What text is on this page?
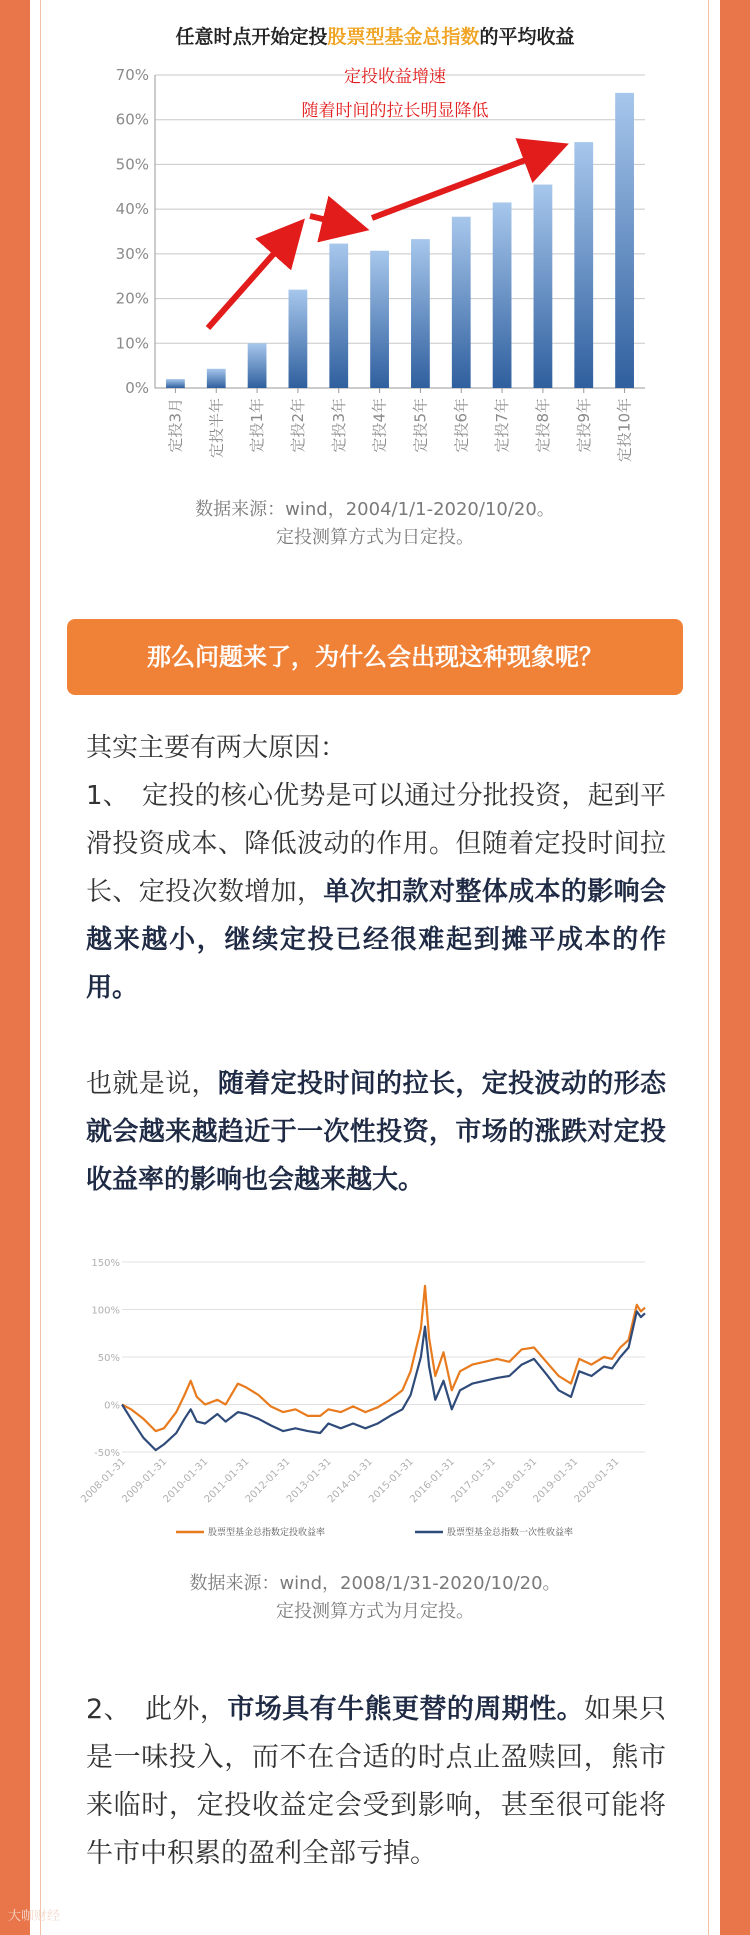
任意时点开始定投股票型基金总指数的平均收益
定投3月 定投半年 定投1年 定投2年 定投3年 定投4年 定投5年 定投6年 定投7年 定投8年 定投9年 定投10年
0%
10%
20%
30%
40%
50%
60%
70%	定投收益增速
随着时间的拉长明显降低
数据来源：wind，2004/1/1-2020/10/20。
定投测算方式为日定投。
那么问题来了，为什么会出现这种现象呢？
其实主要有两大原因：
1、　定投的核心优势是可以通过分批投资，起到平滑投资成本、降低波动的作用。但随着定投时间拉长、定投次数增加，单次扣款对整体成本的影响会越来越小，继续定投已经很难起到摊平成本的作用。
也就是说，随着定投时间的拉长，定投波动的形态就会越来越趋近于一次性投资，市场的涨跌对定投收益率的影响也会越来越大。
-50%
0%
50%
100%
150%
2008-01-31
2009-01-31
2010-01-31
2011-01-31
2012-01-31
2013-01-31
2014-01-31
2015-01-31
2016-01-31
2017-01-31
2018-01-31
2019-01-31
2020-01-31
股票型基金总指数定投收益率	股票型基金总指数一次性收益率
数据来源：wind，2008/1/31-2020/10/20。
定投测算方式为月定投。
2、　此外，市场具有牛熊更替的周期性。如果只是一味投入，而不在合适的时点止盈赎回，熊市来临时，定投收益定会受到影响，甚至很可能将牛市中积累的盈利全部亏掉。
大咖财经
